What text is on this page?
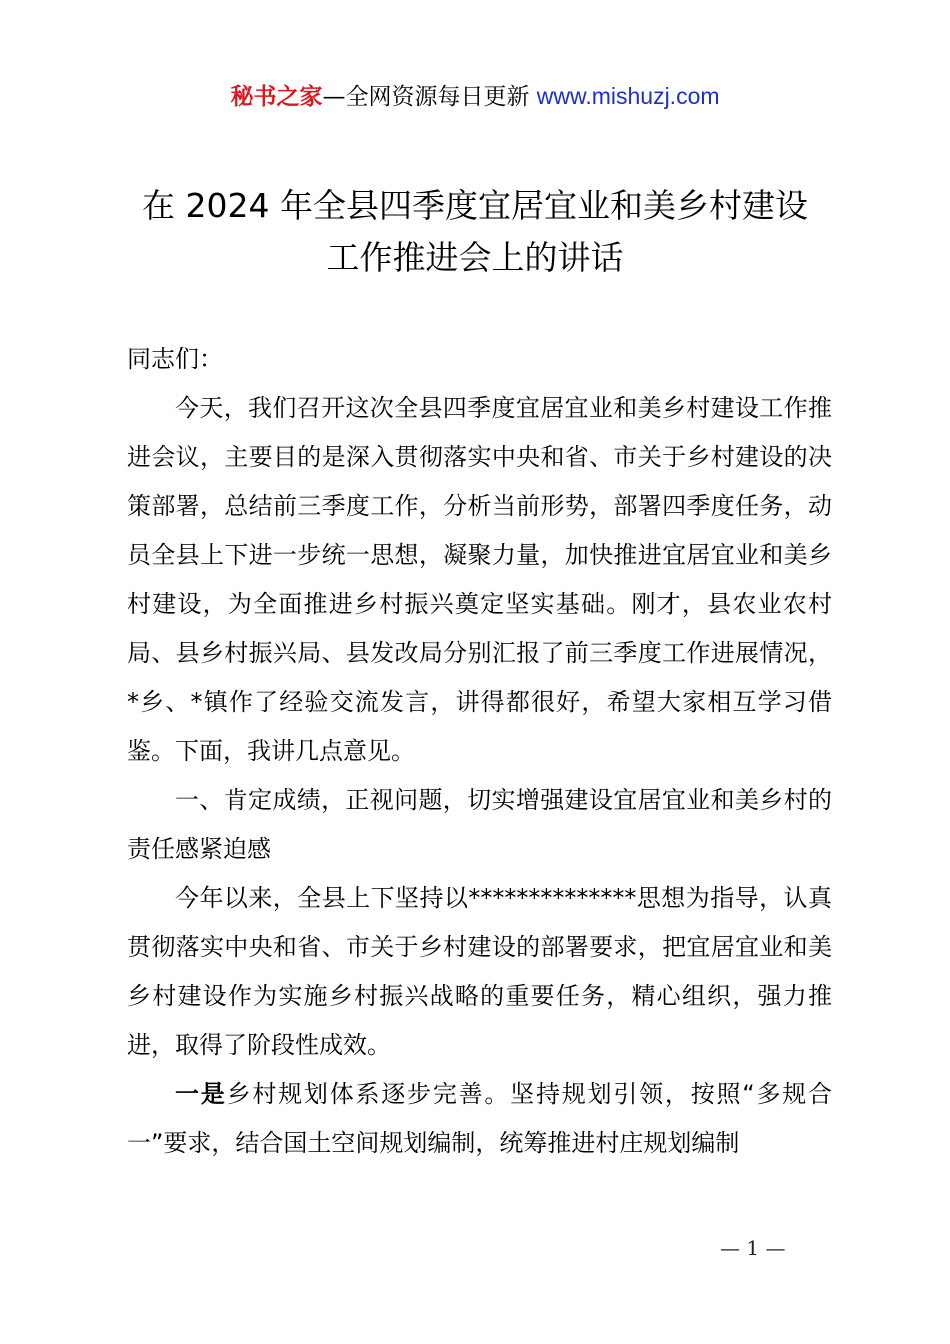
秘书之家—全网资源每日更新 www.mishuzj.com
在 2024 年全县四季度宜居宜业和美乡村建设
工作推进会上的讲话

同志们：

今天，我们召开这次全县四季度宜居宜业和美乡村建设工作推进会议，主要目的是深入贯彻落实中央和省、市关于乡村建设的决策部署，总结前三季度工作，分析当前形势，部署四季度任务，动员全县上下进一步统一思想，凝聚力量，加快推进宜居宜业和美乡村建设，为全面推进乡村振兴奠定坚实基础。刚才，县农业农村局、县乡村振兴局、县发改局分别汇报了前三季度工作进展情况，*乡、*镇作了经验交流发言，讲得都很好，希望大家相互学习借鉴。下面，我讲几点意见。

一、肯定成绩，正视问题，切实增强建设宜居宜业和美乡村的责任感紧迫感

今年以来，全县上下坚持以**************思想为指导，认真贯彻落实中央和省、市关于乡村建设的部署要求，把宜居宜业和美乡村建设作为实施乡村振兴战略的重要任务，精心组织，强力推进，取得了阶段性成效。

一是乡村规划体系逐步完善。坚持规划引领，按照“多规合一”要求，结合国土空间规划编制，统筹推进村庄规划编制

— 1 —
